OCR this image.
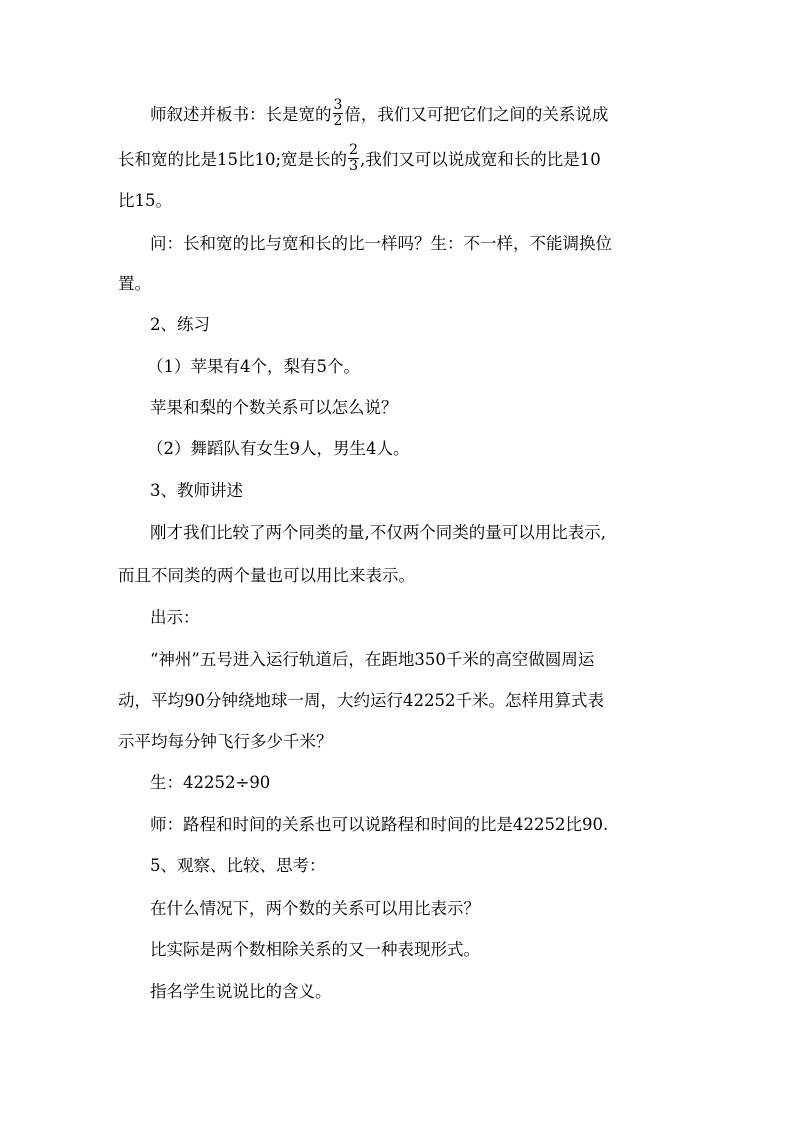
师叙述并板书：长是宽的 $\frac{3}{2}$ 倍，我们又可把它们之间的关系说成
长和宽的比是15比10;宽是长的 $\frac{2}{3}$ ,我们又可以说成宽和长的比是10
比15。
问：长和宽的比与宽和长的比一样吗？生：不一样，不能调换位
置。
2、练习
（1）苹果有4个，梨有5个。
苹果和梨的个数关系可以怎么说？
（2）舞蹈队有女生9人，男生4人。
3、教师讲述
刚才我们比较了两个同类的量,不仅两个同类的量可以用比表示,
而且不同类的两个量也可以用比来表示。
出示：
“神州”五号进入运行轨道后，在距地350千米的高空做圆周运
动，平均90分钟绕地球一周，大约运行42252千米。怎样用算式表
示平均每分钟飞行多少千米？
生：42252÷90
师：路程和时间的关系也可以说路程和时间的比是42252比90.
5、观察、比较、思考：
在什么情况下，两个数的关系可以用比表示？
比实际是两个数相除关系的又一种表现形式。
指名学生说说比的含义。
